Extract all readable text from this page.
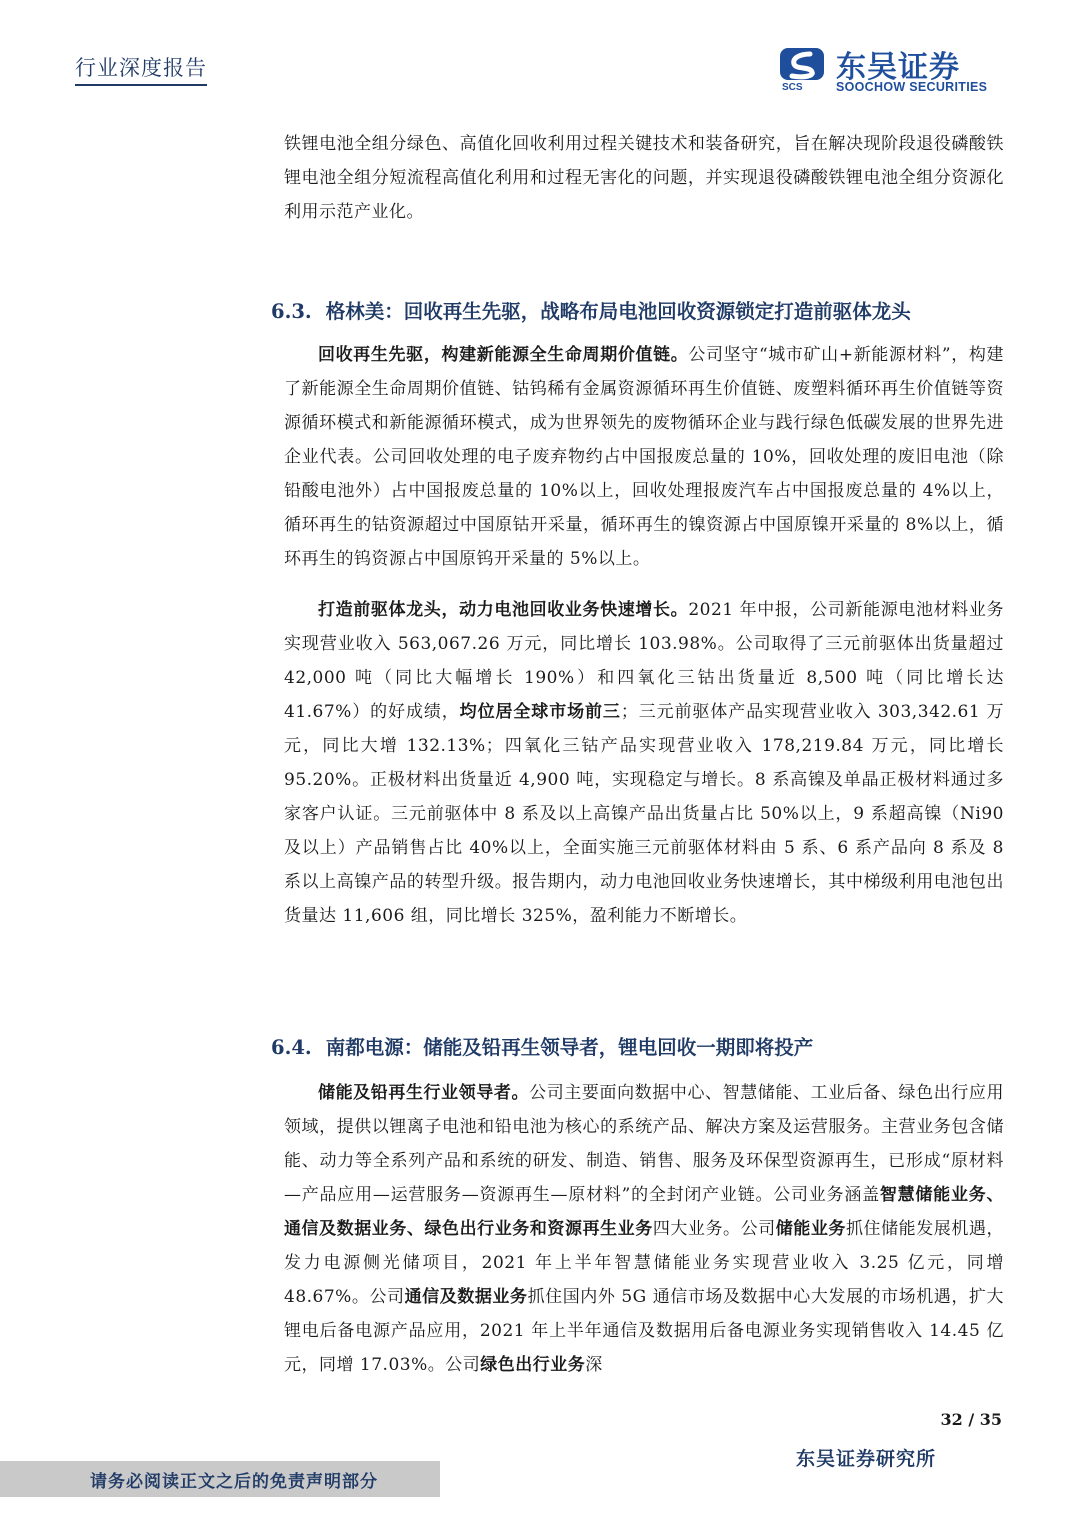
行业深度报告
SCS
东吴证券
SOOCHOW SECURITIES

铁锂电池全组分绿色、高值化回收利用过程关键技术和装备研究，旨在解决现阶段退役磷酸铁锂电池全组分短流程高值化利用和过程无害化的问题，并实现退役磷酸铁锂电池全组分资源化利用示范产业化。

6.3. 格林美：回收再生先驱，战略布局电池回收资源锁定打造前驱体龙头

回收再生先驱，构建新能源全生命周期价值链。公司坚守“城市矿山+新能源材料”，构建了新能源全生命周期价值链、钴钨稀有金属资源循环再生价值链、废塑料循环再生价值链等资源循环模式和新能源循环模式，成为世界领先的废物循环企业与践行绿色低碳发展的世界先进企业代表。公司回收处理的电子废弃物约占中国报废总量的 10%，回收处理的废旧电池（除铅酸电池外）占中国报废总量的 10%以上，回收处理报废汽车占中国报废总量的 4%以上，循环再生的钴资源超过中国原钴开采量，循环再生的镍资源占中国原镍开采量的 8%以上，循环再生的钨资源占中国原钨开采量的 5%以上。

打造前驱体龙头，动力电池回收业务快速增长。2021 年中报，公司新能源电池材料业务实现营业收入 563,067.26 万元，同比增长 103.98%。公司取得了三元前驱体出货量超过 42,000 吨（同比大幅增长 190%）和四氧化三钴出货量近 8,500 吨（同比增长达 41.67%）的好成绩，均位居全球市场前三；三元前驱体产品实现营业收入 303,342.61 万元，同比大增 132.13%；四氧化三钴产品实现营业收入 178,219.84 万元，同比增长 95.20%。正极材料出货量近 4,900 吨，实现稳定与增长。8 系高镍及单晶正极材料通过多家客户认证。三元前驱体中 8 系及以上高镍产品出货量占比 50%以上，9 系超高镍（Ni90 及以上）产品销售占比 40%以上，全面实施三元前驱体材料由 5 系、6 系产品向 8 系及 8 系以上高镍产品的转型升级。报告期内，动力电池回收业务快速增长，其中梯级利用电池包出货量达 11,606 组，同比增长 325%，盈利能力不断增长。

6.4. 南都电源：储能及铅再生领导者，锂电回收一期即将投产

储能及铅再生行业领导者。公司主要面向数据中心、智慧储能、工业后备、绿色出行应用领域，提供以锂离子电池和铅电池为核心的系统产品、解决方案及运营服务。主营业务包含储能、动力等全系列产品和系统的研发、制造、销售、服务及环保型资源再生，已形成“原材料—产品应用—运营服务—资源再生—原材料”的全封闭产业链。公司业务涵盖智慧储能业务、通信及数据业务、绿色出行业务和资源再生业务四大业务。公司储能业务抓住储能发展机遇，发力电源侧光储项目，2021 年上半年智慧储能业务实现营业收入 3.25 亿元，同增 48.67%。公司通信及数据业务抓住国内外 5G 通信市场及数据中心大发展的市场机遇，扩大锂电后备电源产品应用，2021 年上半年通信及数据用后备电源业务实现销售收入 14.45 亿元，同增 17.03%。公司绿色出行业务深

32 / 35
请务必阅读正文之后的免责声明部分
东吴证券研究所
